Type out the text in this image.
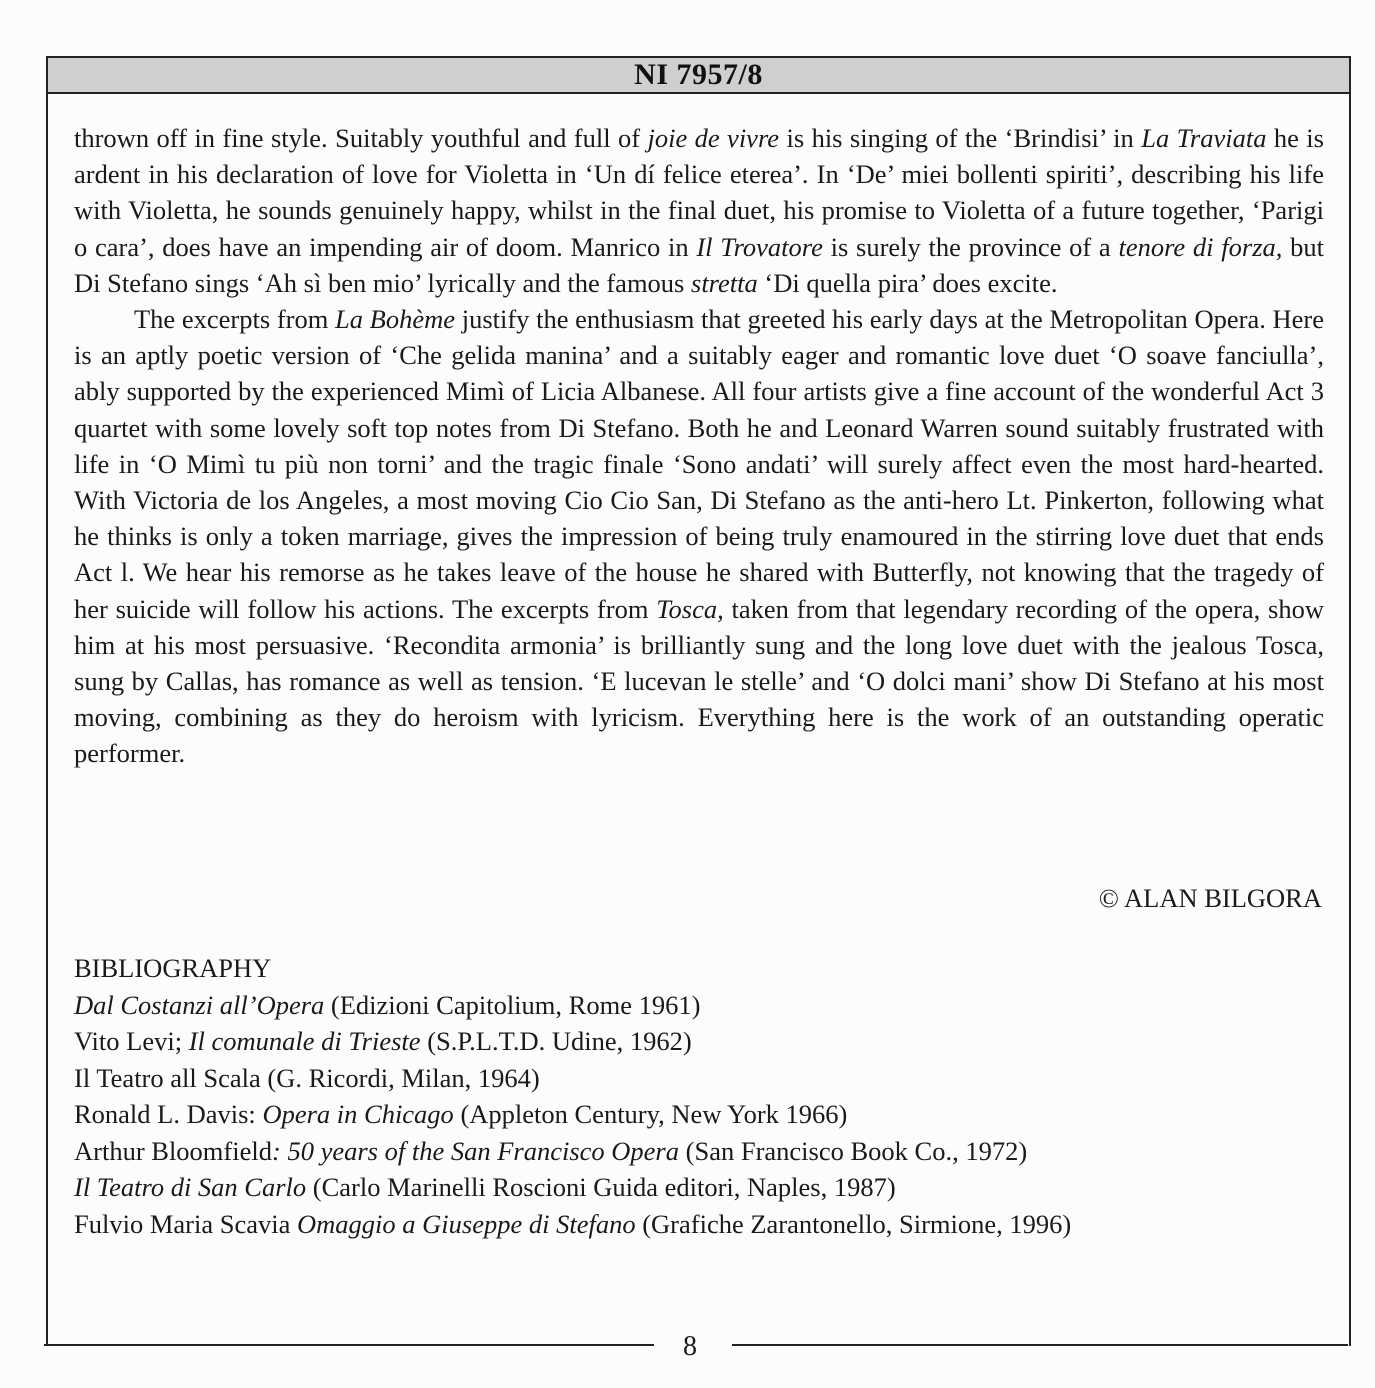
NI 7957/8

thrown off in fine style. Suitably youthful and full of joie de vivre is his singing of the ‘Brindisi’ in La Traviata he is ardent in his declaration of love for Violetta in ‘Un dí felice eterea’. In ‘De’ miei bollenti spiriti’, describing his life with Violetta, he sounds genuinely happy, whilst in the final duet, his promise to Violetta of a future together, ‘Parigi o cara’, does have an impending air of doom. Manrico in Il Trovatore is surely the province of a tenore di forza, but Di Stefano sings ‘Ah sì ben mio’ lyrically and the famous stretta ‘Di quella pira’ does excite.

The excerpts from La Bohème justify the enthusiasm that greeted his early days at the Metropolitan Opera. Here is an aptly poetic version of ‘Che gelida manina’ and a suitably eager and romantic love duet ‘O soave fanciulla’, ably supported by the experienced Mimì of Licia Albanese. All four artists give a fine account of the wonderful Act 3 quartet with some lovely soft top notes from Di Stefano. Both he and Leonard Warren sound suitably frustrated with life in ‘O Mimì tu più non torni’ and the tragic finale ‘Sono andati’ will surely affect even the most hard-hearted. With Victoria de los Angeles, a most moving Cio Cio San, Di Stefano as the anti-hero Lt. Pinkerton, following what he thinks is only a token marriage, gives the impression of being truly enamoured in the stirring love duet that ends Act l. We hear his remorse as he takes leave of the house he shared with Butterfly, not knowing that the tragedy of her suicide will follow his actions. The excerpts from Tosca, taken from that legendary recording of the opera, show him at his most persuasive. ‘Recondita armonia’ is brilliantly sung and the long love duet with the jealous Tosca, sung by Callas, has romance as well as tension. ‘E lucevan le stelle’ and ‘O dolci mani’ show Di Stefano at his most moving, combining as they do heroism with lyricism. Everything here is the work of an outstanding operatic performer.

© ALAN BILGORA
BIBLIOGRAPHY
Dal Costanzi all’Opera (Edizioni Capitolium, Rome 1961)
Vito Levi; Il comunale di Trieste (S.P.L.T.D. Udine, 1962)
Il Teatro all Scala (G. Ricordi, Milan, 1964)
Ronald L. Davis: Opera in Chicago (Appleton Century, New York 1966)
Arthur Bloomfield: 50 years of the San Francisco Opera (San Francisco Book Co., 1972)
Il Teatro di San Carlo (Carlo Marinelli Roscioni Guida editori, Naples, 1987)
Fulvio Maria Scavia Omaggio a Giuseppe di Stefano (Grafiche Zarantonello, Sirmione, 1996)
8
